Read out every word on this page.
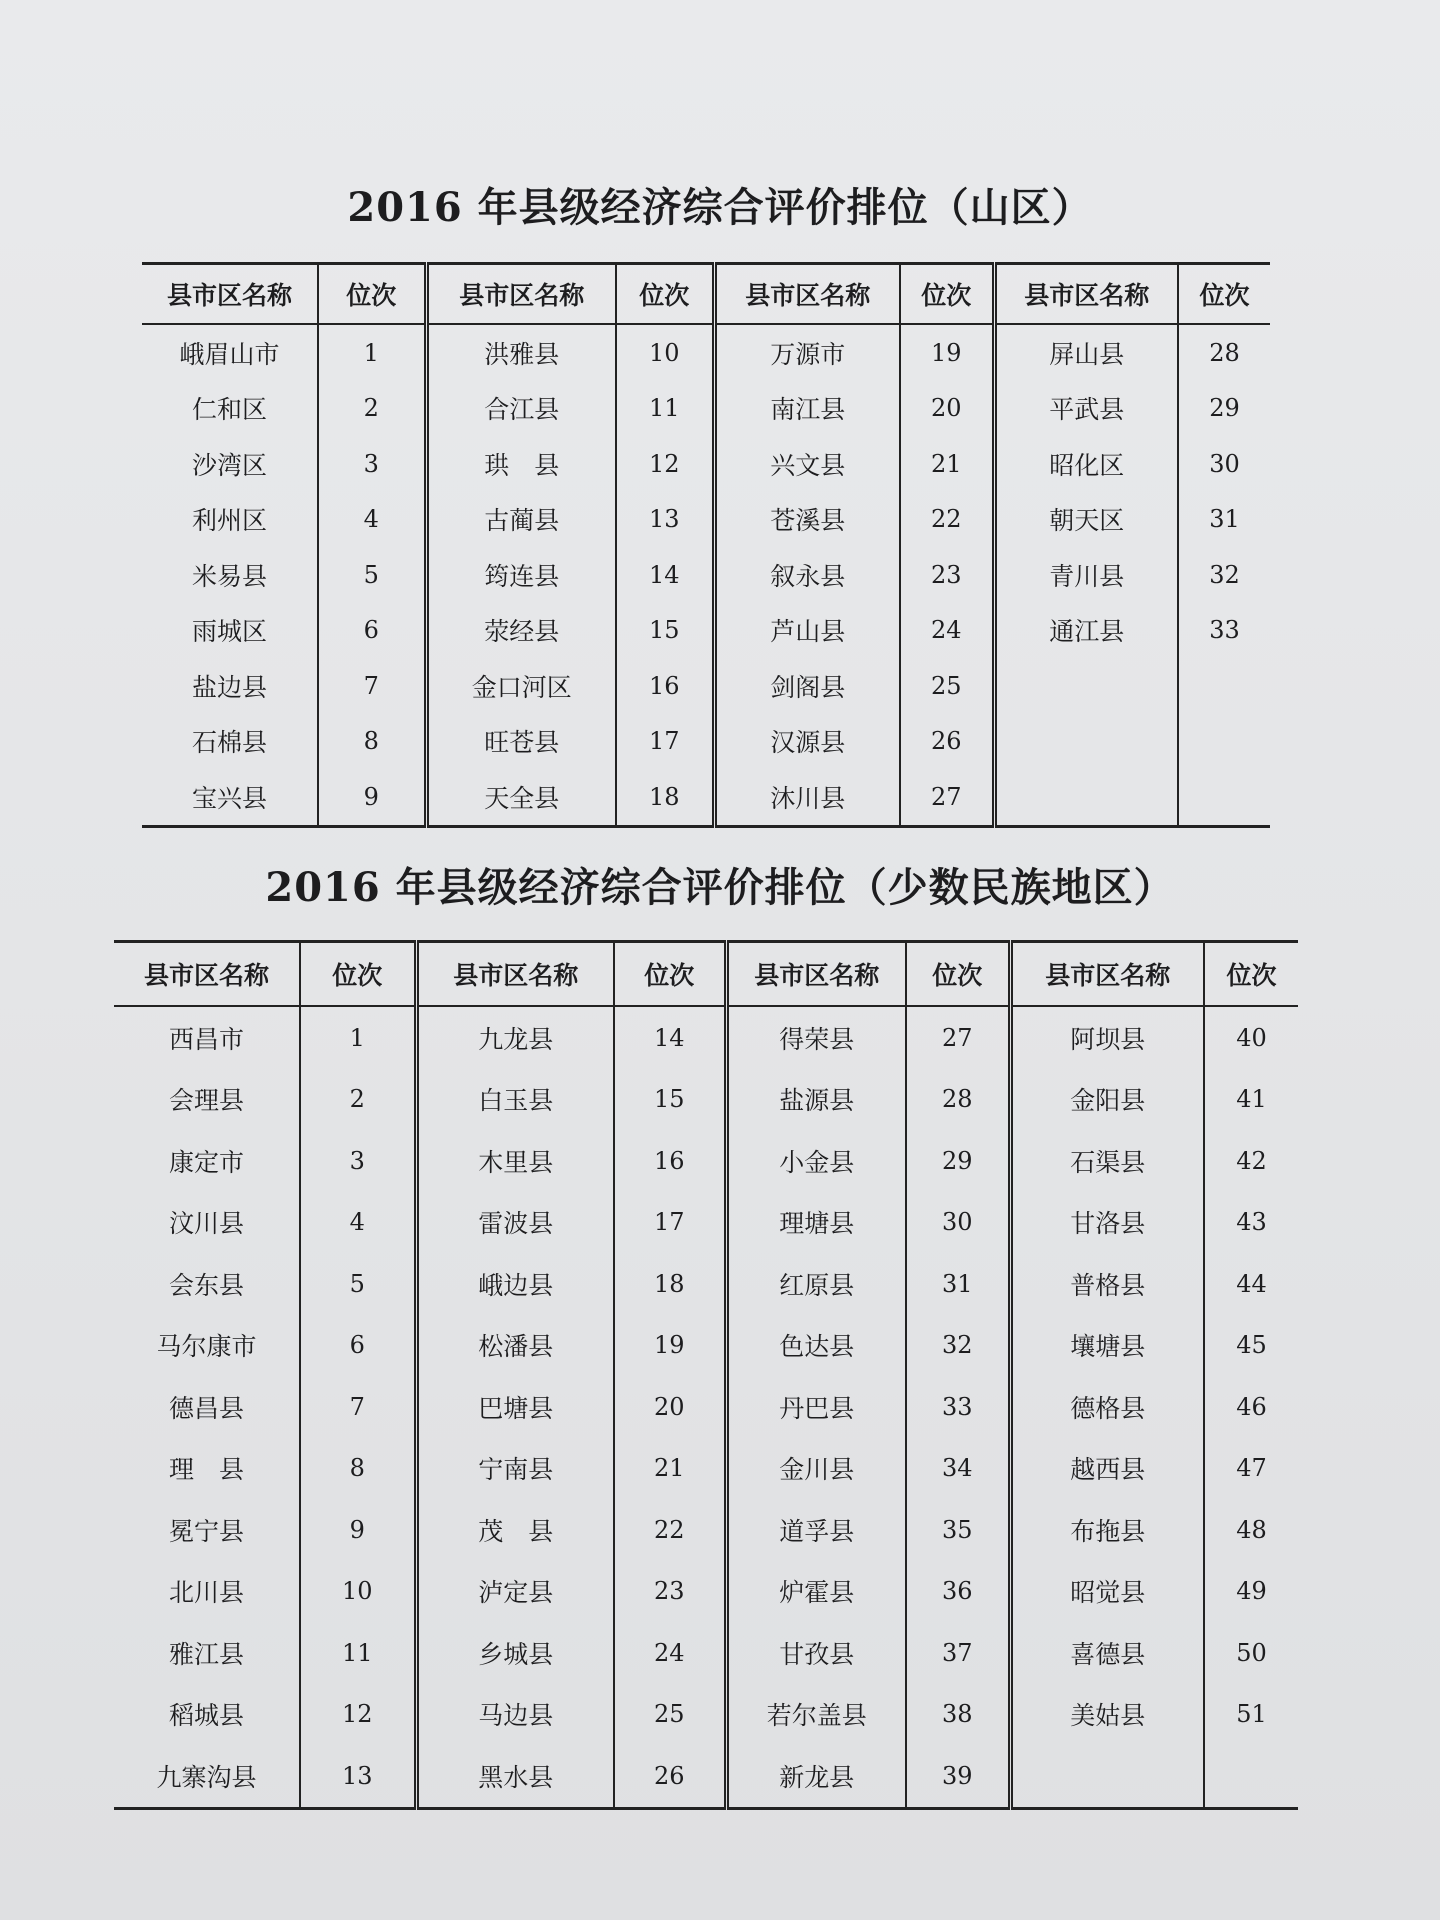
2016 年县级经济综合评价排位（山区）
县市区名称	位次	县市区名称	位次	县市区名称	位次	县市区名称	位次
峨眉山市	1	洪雅县	10	万源市	19	屏山县	28
仁和区	2	合江县	11	南江县	20	平武县	29
沙湾区	3	珙　县	12	兴文县	21	昭化区	30
利州区	4	古蔺县	13	苍溪县	22	朝天区	31
米易县	5	筠连县	14	叙永县	23	青川县	32
雨城区	6	荥经县	15	芦山县	24	通江县	33
盐边县	7	金口河区	16	剑阁县	25		
石棉县	8	旺苍县	17	汉源县	26		
宝兴县	9	天全县	18	沐川县	27		
2016 年县级经济综合评价排位（少数民族地区）
县市区名称	位次	县市区名称	位次	县市区名称	位次	县市区名称	位次
西昌市	1	九龙县	14	得荣县	27	阿坝县	40
会理县	2	白玉县	15	盐源县	28	金阳县	41
康定市	3	木里县	16	小金县	29	石渠县	42
汶川县	4	雷波县	17	理塘县	30	甘洛县	43
会东县	5	峨边县	18	红原县	31	普格县	44
马尔康市	6	松潘县	19	色达县	32	壤塘县	45
德昌县	7	巴塘县	20	丹巴县	33	德格县	46
理　县	8	宁南县	21	金川县	34	越西县	47
冕宁县	9	茂　县	22	道孚县	35	布拖县	48
北川县	10	泸定县	23	炉霍县	36	昭觉县	49
雅江县	11	乡城县	24	甘孜县	37	喜德县	50
稻城县	12	马边县	25	若尔盖县	38	美姑县	51
九寨沟县	13	黑水县	26	新龙县	39		
